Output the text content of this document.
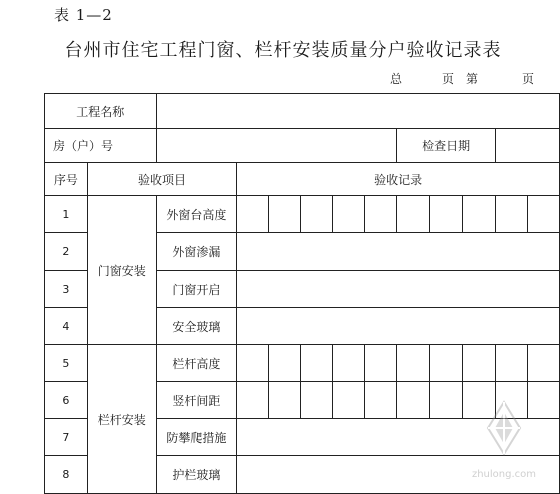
表 1—2
台州市住宅工程门窗、栏杆安装质量分户验收记录表
总	页 第	页
工程名称												
房（户）号								检查日期				
序号	验收项目		验收记录									
1	门窗安装	外窗台高度										
2		外窗渗漏										
3		门窗开启										
4		安全玻璃										
5	栏杆安装	栏杆高度										
6		竖杆间距										
7		防攀爬措施										
8		护栏玻璃											zhulong.com
